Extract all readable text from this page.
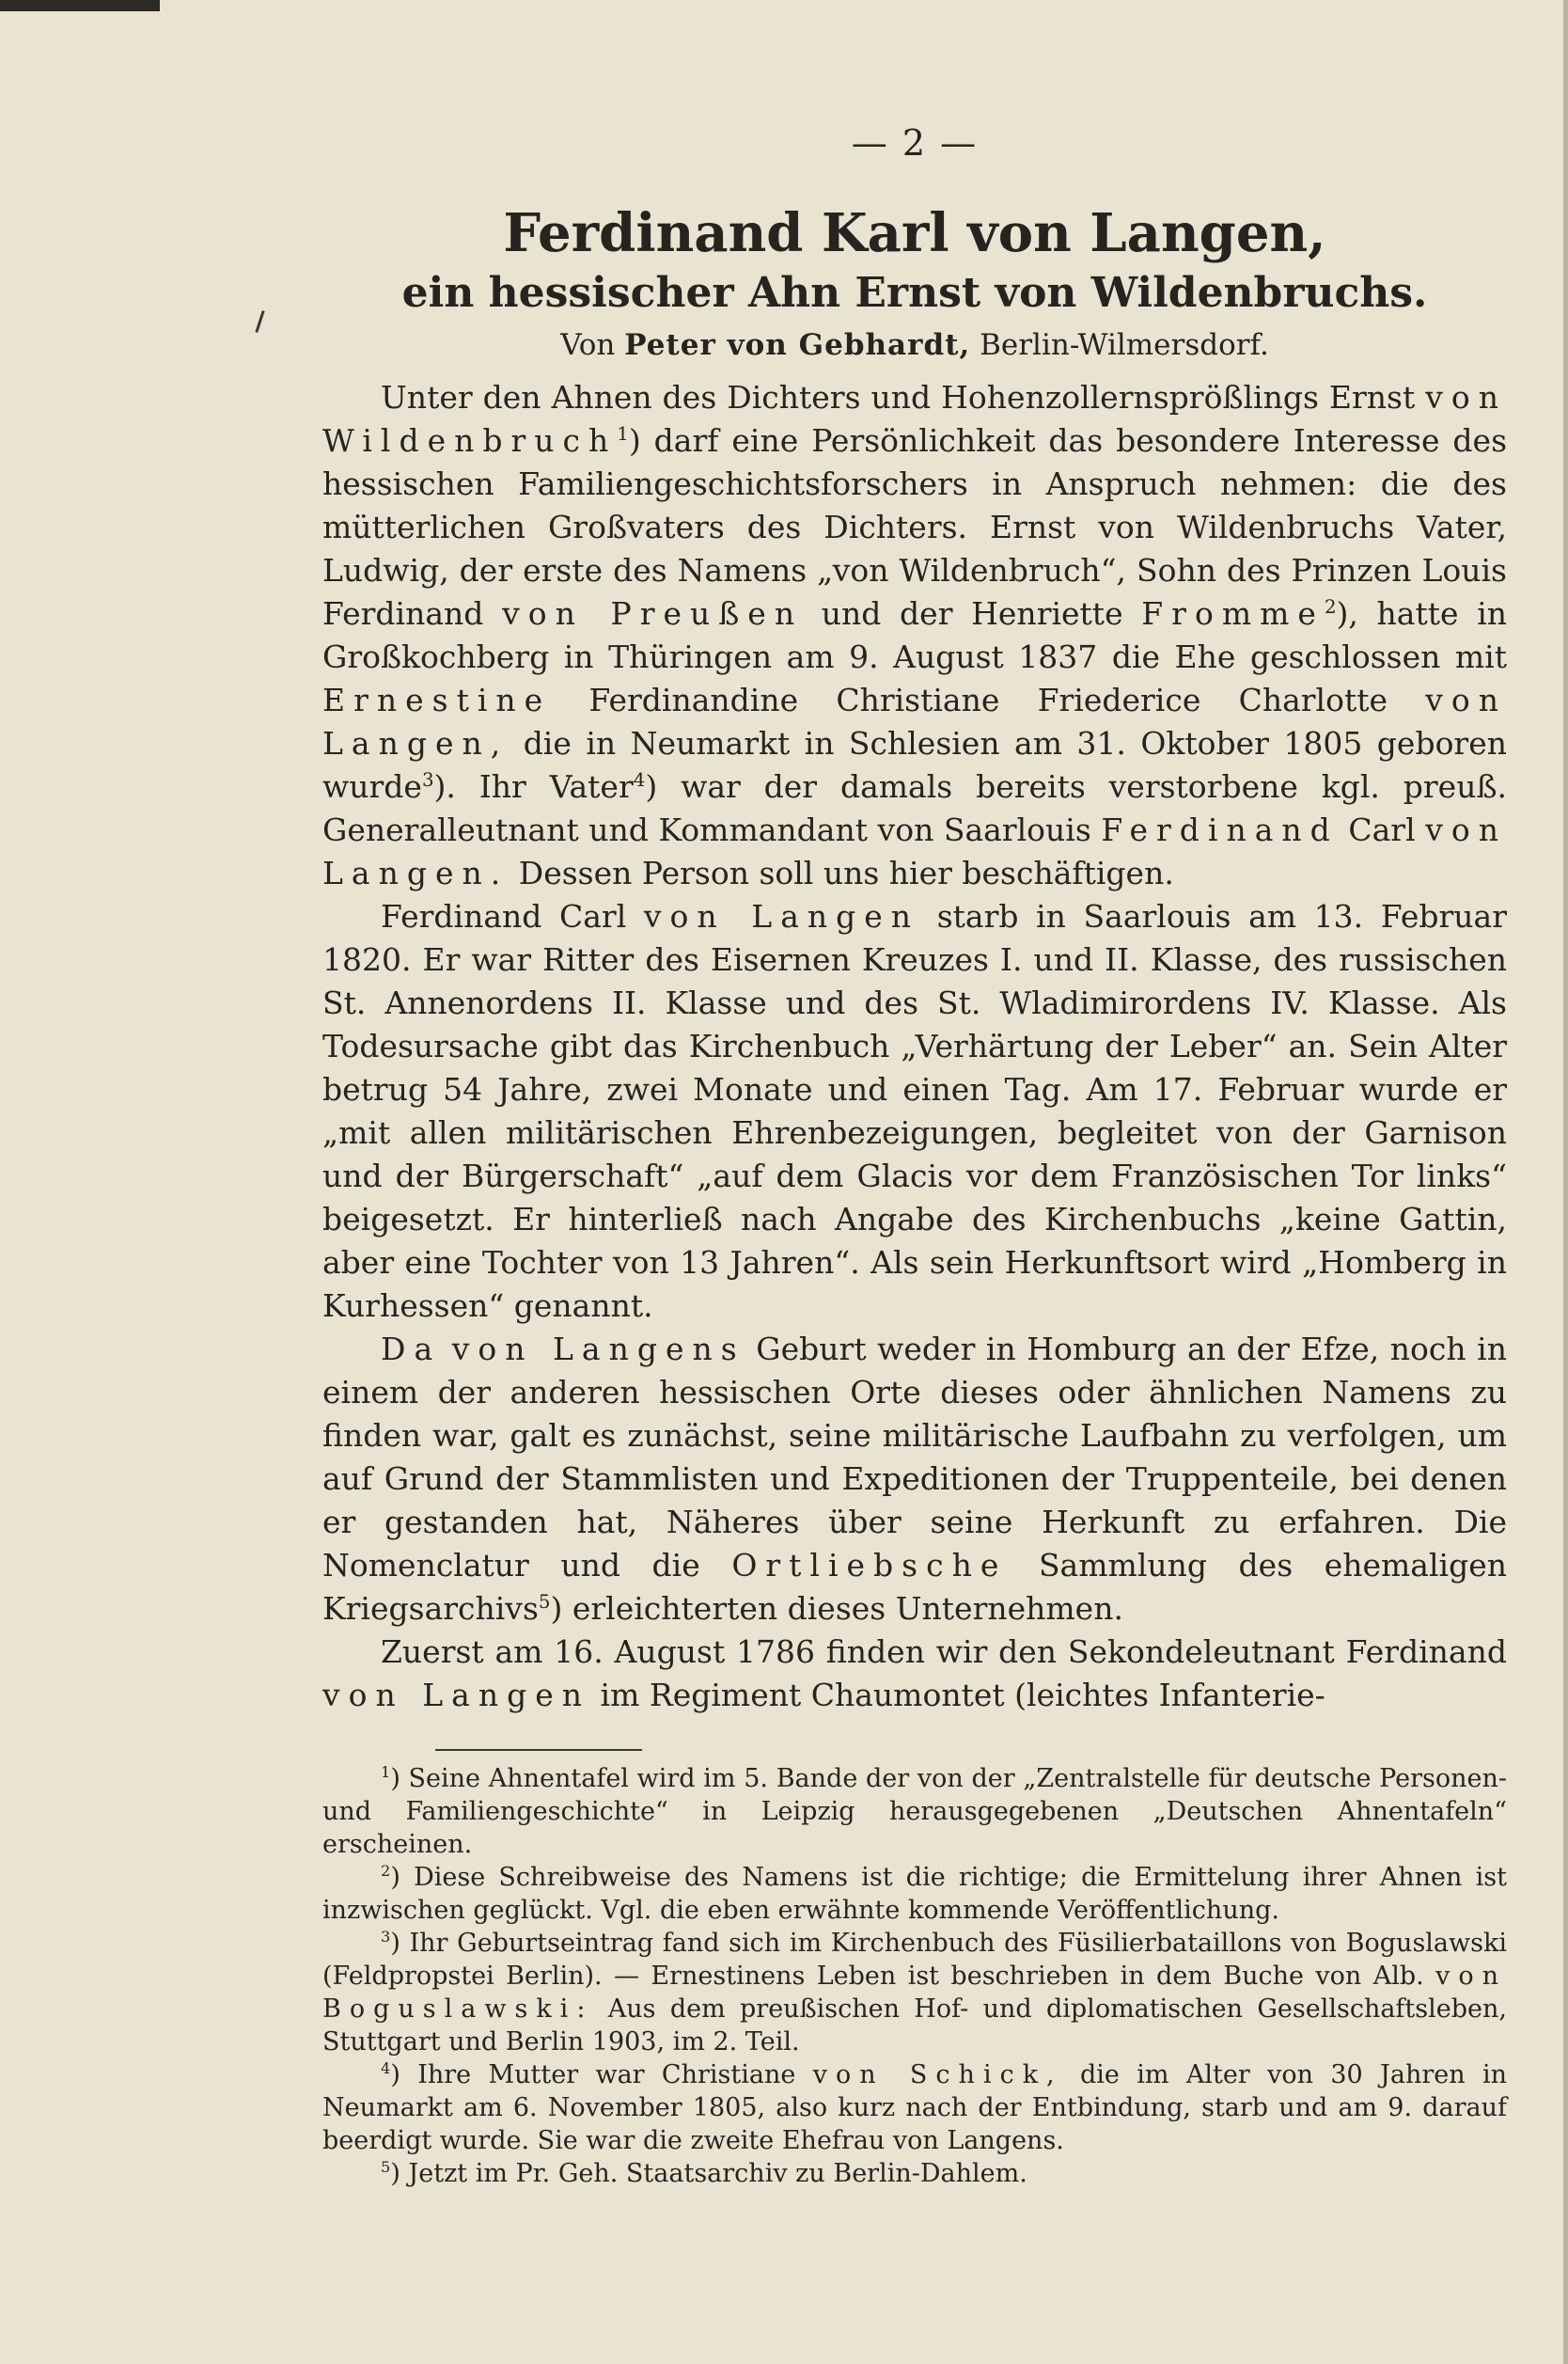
— 2 —
Ferdinand Karl von Langen,
ein hessischer Ahn Ernst von Wildenbruchs.
Von Peter von Gebhardt, Berlin-Wilmersdorf.

Unter den Ahnen des Dichters und Hohenzollernsprößlings Ernst von Wildenbruch$^1$) darf eine Persönlichkeit das besondere Interesse des hessischen Familiengeschichtsforschers in Anspruch nehmen: die des mütterlichen Großvaters des Dichters. Ernst von Wildenbruchs Vater, Ludwig, der erste des Namens „von Wildenbruch“, Sohn des Prinzen Louis Ferdinand von Preußen und der Henriette Fromme$^2$), hatte in Großkochberg in Thüringen am 9. August 1837 die Ehe geschlossen mit Ernestine Ferdinandine Christiane Friederice Charlotte von Langen, die in Neumarkt in Schlesien am 31. Oktober 1805 geboren wurde$^3$). Ihr Vater$^4$) war der damals bereits verstorbene kgl. preuß. Generalleutnant und Kommandant von Saarlouis Ferdinand Carl von Langen. Dessen Person soll uns hier beschäftigen.

Ferdinand Carl von Langen starb in Saarlouis am 13. Februar 1820. Er war Ritter des Eisernen Kreuzes I. und II. Klasse, des russischen St. Annenordens II. Klasse und des St. Wladimirordens IV. Klasse. Als Todesursache gibt das Kirchenbuch „Verhärtung der Leber“ an. Sein Alter betrug 54 Jahre, zwei Monate und einen Tag. Am 17. Februar wurde er „mit allen militärischen Ehrenbezeigungen, begleitet von der Garnison und der Bürgerschaft“ „auf dem Glacis vor dem Französischen Tor links“ beigesetzt. Er hinterließ nach Angabe des Kirchenbuchs „keine Gattin, aber eine Tochter von 13 Jahren“. Als sein Herkunftsort wird „Homberg in Kurhessen“ genannt.

Da von Langens Geburt weder in Homburg an der Efze, noch in einem der anderen hessischen Orte dieses oder ähnlichen Namens zu finden war, galt es zunächst, seine militärische Laufbahn zu verfolgen, um auf Grund der Stammlisten und Expeditionen der Truppenteile, bei denen er gestanden hat, Näheres über seine Herkunft zu erfahren. Die Nomenclatur und die Ortliebsche Sammlung des ehemaligen Kriegsarchivs$^5$) erleichterten dieses Unternehmen.

Zuerst am 16. August 1786 finden wir den Sekondeleutnant Ferdinand von Langen im Regiment Chaumontet (leichtes Infanterie-

$^1$) Seine Ahnentafel wird im 5. Bande der von der „Zentralstelle für deutsche Personen- und Familiengeschichte“ in Leipzig herausgegebenen „Deutschen Ahnentafeln“ erscheinen.

$^2$) Diese Schreibweise des Namens ist die richtige; die Ermittelung ihrer Ahnen ist inzwischen geglückt. Vgl. die eben erwähnte kommende Veröffentlichung.

$^3$) Ihr Geburtseintrag fand sich im Kirchenbuch des Füsilierbataillons von Boguslawski (Feldpropstei Berlin). — Ernestinens Leben ist beschrieben in dem Buche von Alb. von Boguslawski: Aus dem preußischen Hof- und diplomatischen Gesellschaftsleben, Stuttgart und Berlin 1903, im 2. Teil.

$^4$) Ihre Mutter war Christiane von Schick, die im Alter von 30 Jahren in Neumarkt am 6. November 1805, also kurz nach der Entbindung, starb und am 9. darauf beerdigt wurde. Sie war die zweite Ehefrau von Langens.

$^5$) Jetzt im Pr. Geh. Staatsarchiv zu Berlin-Dahlem.
